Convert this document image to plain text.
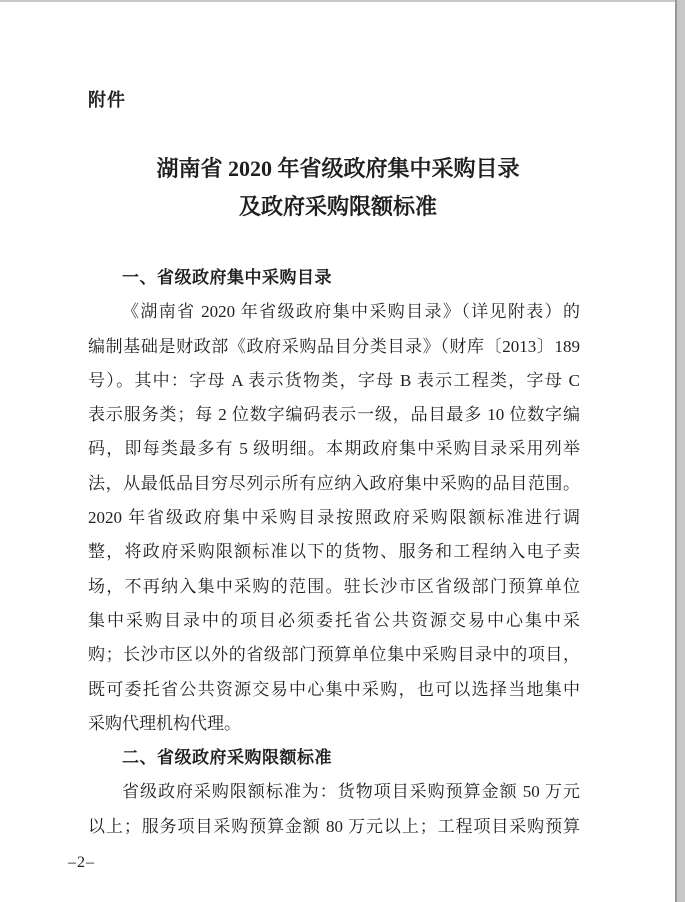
附件
湖南省 2020 年省级政府集中采购目录
及政府采购限额标准
一、省级政府集中采购目录
《湖南省 2020 年省级政府集中采购目录》（详见附表）的
编制基础是财政部《政府采购品目分类目录》（财库〔2013〕189
号）。其中：字母 A 表示货物类，字母 B 表示工程类，字母 C
表示服务类；每 2 位数字编码表示一级，品目最多 10 位数字编
码，即每类最多有 5 级明细。本期政府集中采购目录采用列举
法，从最低品目穷尽列示所有应纳入政府集中采购的品目范围。
2020 年省级政府集中采购目录按照政府采购限额标准进行调
整，将政府采购限额标准以下的货物、服务和工程纳入电子卖
场，不再纳入集中采购的范围。驻长沙市区省级部门预算单位
集中采购目录中的项目必须委托省公共资源交易中心集中采
购；长沙市区以外的省级部门预算单位集中采购目录中的项目，
既可委托省公共资源交易中心集中采购，也可以选择当地集中
采购代理机构代理。
二、省级政府采购限额标准
省级政府采购限额标准为：货物项目采购预算金额 50 万元
以上；服务项目采购预算金额 80 万元以上；工程项目采购预算
–2–
